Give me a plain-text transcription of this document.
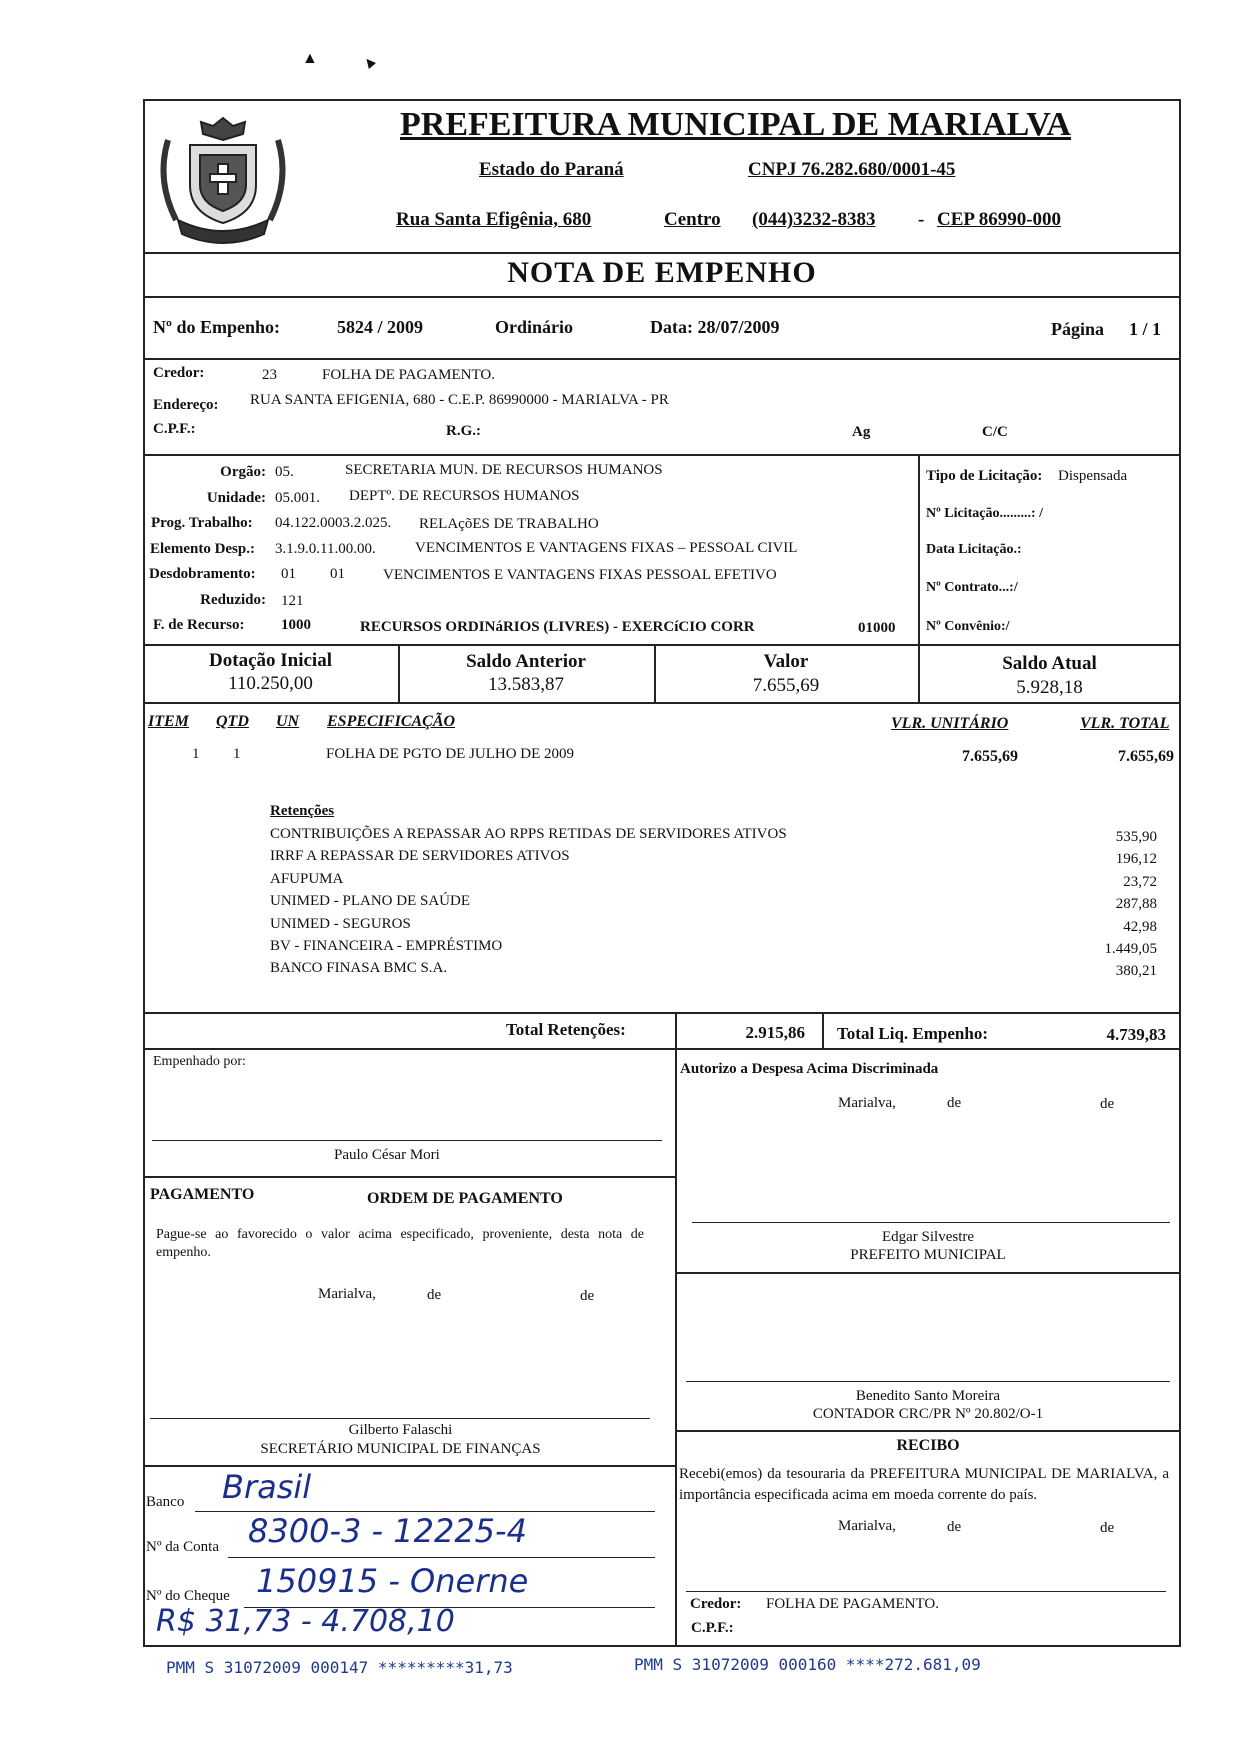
▲	▲
PREFEITURA MUNICIPAL DE MARIALVA
Estado do Paraná	CNPJ 76.282.680/0001-45
Rua Santa Efigênia, 680	Centro (044)3232-8383 - CEP 86990-000
NOTA DE EMPENHO
Nº do Empenho:	5824 / 2009	Ordinário	Data: 28/07/2009	Página 1 / 1
Credor:	23	FOLHA DE PAGAMENTO.
Endereço: RUA SANTA EFIGENIA, 680 - C.E.P. 86990000 - MARIALVA - PR
C.P.F.:	R.G.:	Ag	C/C
Orgão: 05.	SECRETARIA MUN. DE RECURSOS HUMANOS
Unidade: 05.001. DEPTº. DE RECURSOS HUMANOS
Prog. Trabalho: 04.122.0003.2.025. RELAçõES DE TRABALHO
Elemento Desp.: 3.1.9.0.11.00.00.	VENCIMENTOS E VANTAGENS FIXAS – PESSOAL CIVIL
Desdobramento: 01 01	VENCIMENTOS E VANTAGENS FIXAS PESSOAL EFETIVO
Reduzido: 121
F. de Recurso: 1000	RECURSOS ORDINáRIOS (LIVRES) - EXERCíCIO CORR	01000
Tipo de Licitação: Dispensada
Nº Licitação.........: /
Data Licitação.:
Nº Contrato...:/
Nº Convênio:/
Dotação Inicial
110.250,00
Saldo Anterior
13.583,87
Valor
7.655,69
Saldo Atual
5.928,18
ITEM QTD UN ESPECIFICAÇÃO	VLR. UNITÁRIO	VLR. TOTAL
1 1	FOLHA DE PGTO DE JULHO DE 2009	7.655,69	7.655,69
Retenções
CONTRIBUIÇÕES A REPASSAR AO RPPS RETIDAS DE SERVIDORES ATIVOS	535,90
IRRF A REPASSAR DE SERVIDORES ATIVOS	196,12
AFUPUMA	23,72
UNIMED - PLANO DE SAÚDE	287,88
UNIMED - SEGUROS	42,98
BV - FINANCEIRA - EMPRÉSTIMO	1.449,05
BANCO FINASA BMC S.A.	380,21
Total Retenções:	2.915,86 Total Liq. Empenho:	4.739,83
Empenhado por:
Paulo César Mori
PAGAMENTO	ORDEM DE PAGAMENTO
Pague-se ao favorecido o valor acima especificado, proveniente, desta nota de empenho.
Marialva,	de	de
Gilberto Falaschi
SECRETÁRIO MUNICIPAL DE FINANÇAS
Banco Brasil
Nº da Conta 8300-3 - 12225-4
Nº do Cheque 150915 - Onerne
R$ 31,73 - 4.708,10
Autorizo a Despesa Acima Discriminada
Marialva,	de	de
Edgar Silvestre
PREFEITO MUNICIPAL
Benedito Santo Moreira
CONTADOR CRC/PR Nº 20.802/O-1
RECIBO
Recebi(emos) da tesouraria da PREFEITURA MUNICIPAL DE MARIALVA, a importância especificada acima em moeda corrente do país.
Marialva,	de	de
Credor: FOLHA DE PAGAMENTO.
C.P.F.:
PMM S 31072009 000147 *********31,73	PMM S 31072009 000160 ****272.681,09
